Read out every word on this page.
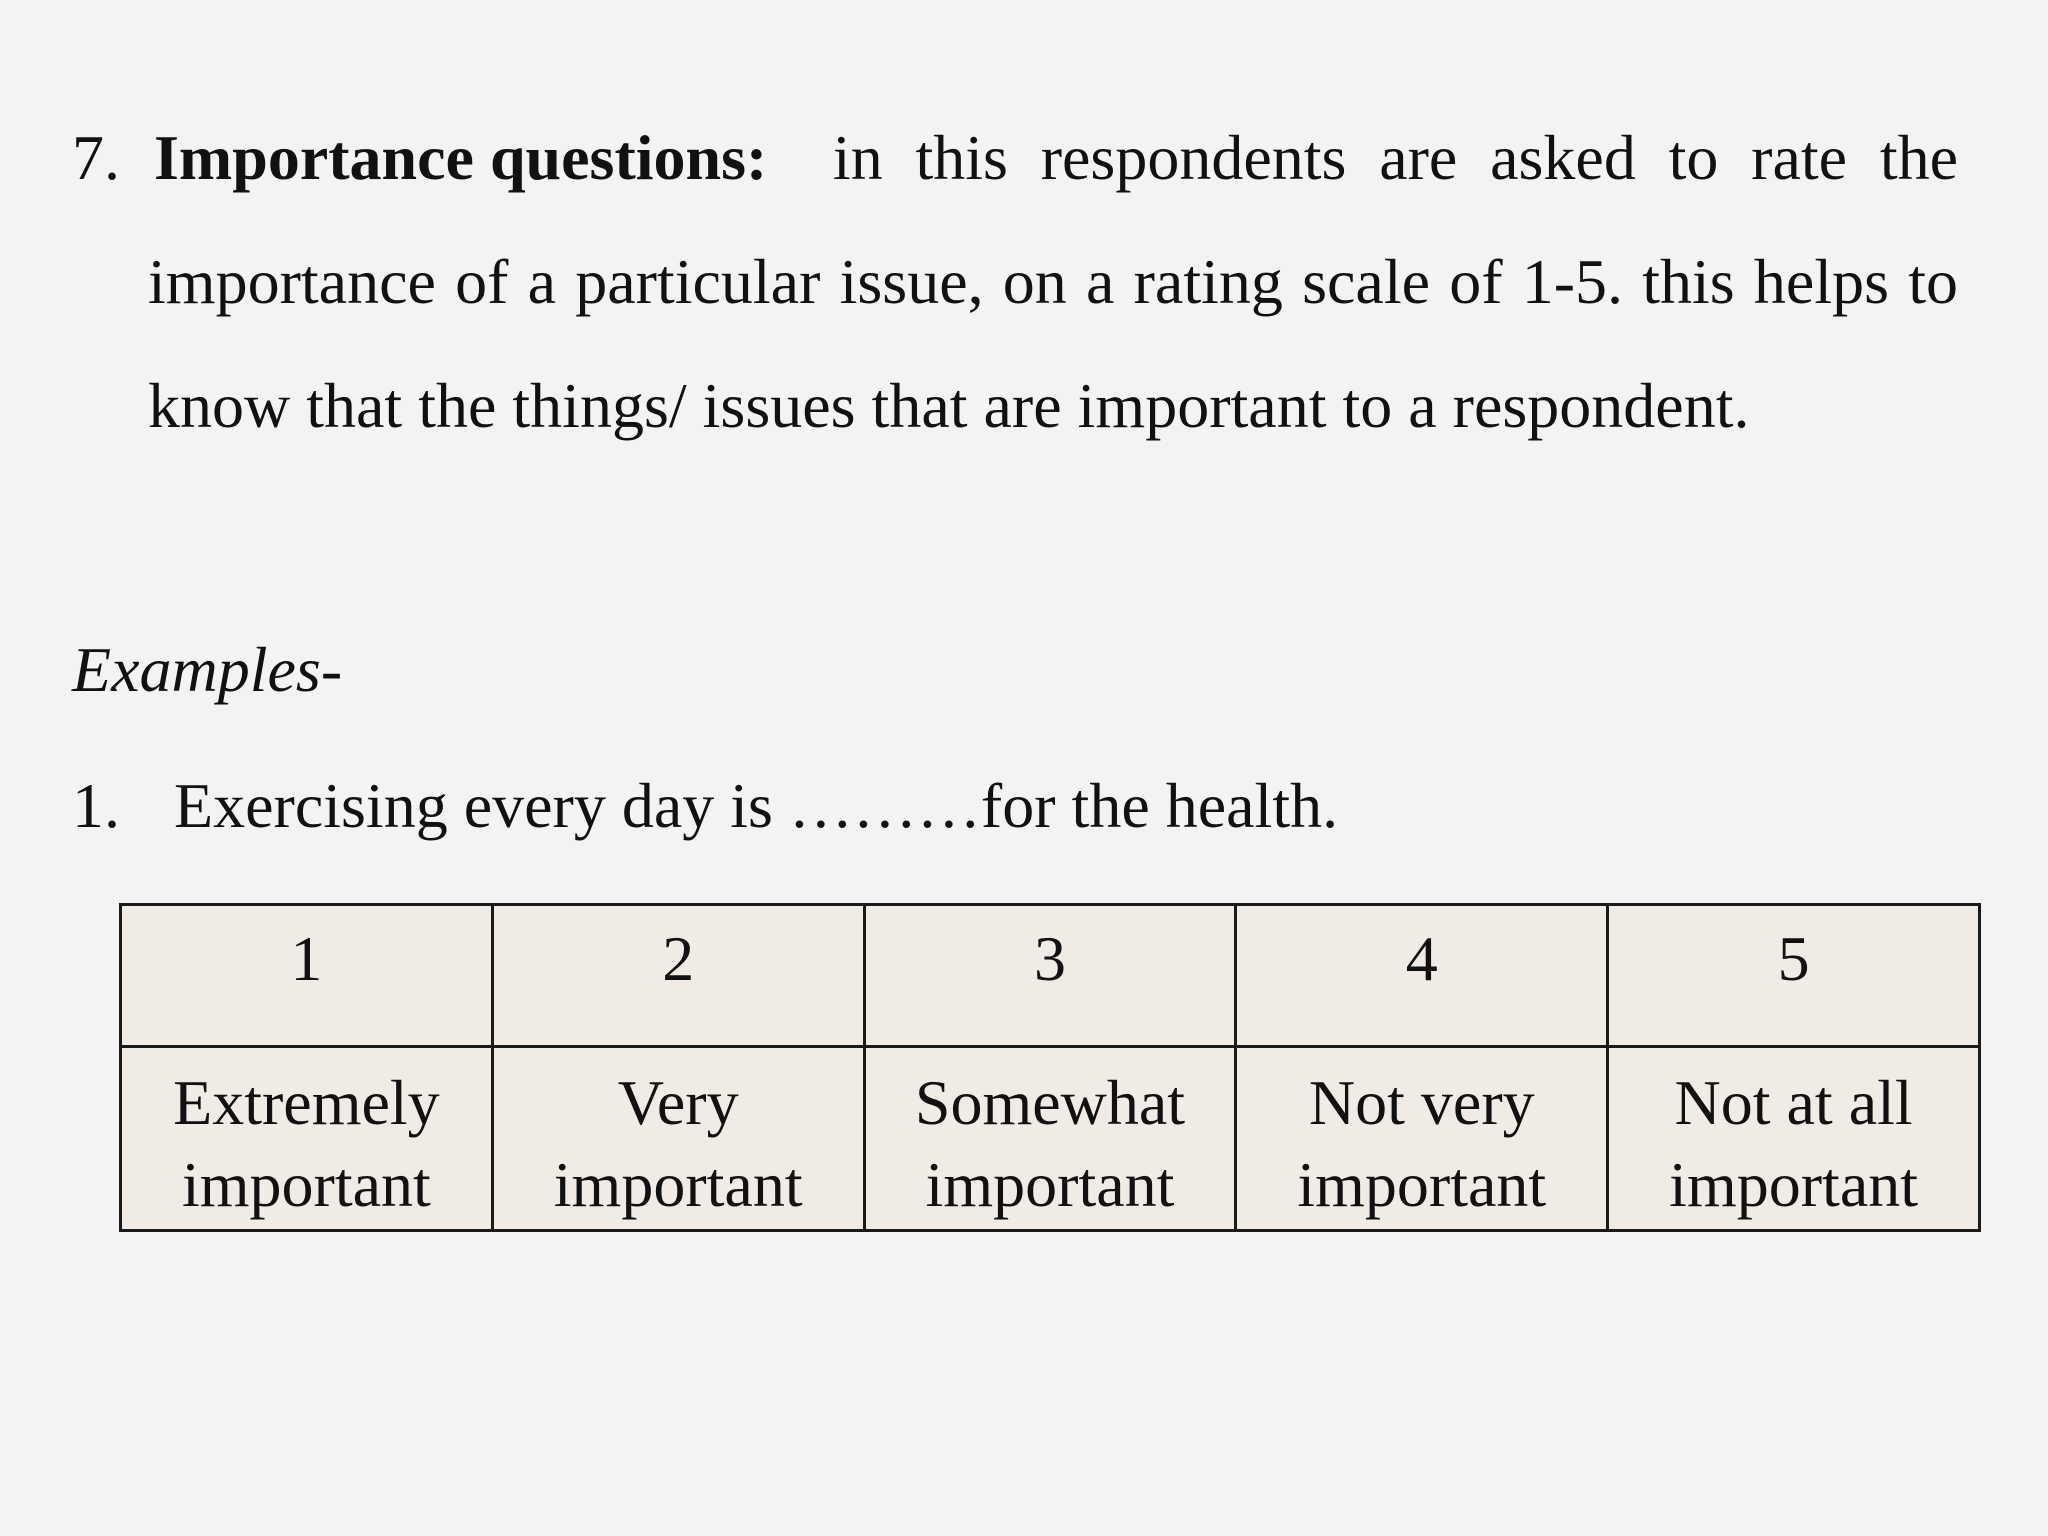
7. Importance questions: in this respondents are asked to rate the importance of a particular issue, on a rating scale of 1-5. this helps to know that the things/ issues that are important to a respondent.
Examples-
1. Exercising every day is ………for the health.
1	2	3	4	5

Extremely
important	Very
important	Somewhat
important	Not very
important	Not at all
important
